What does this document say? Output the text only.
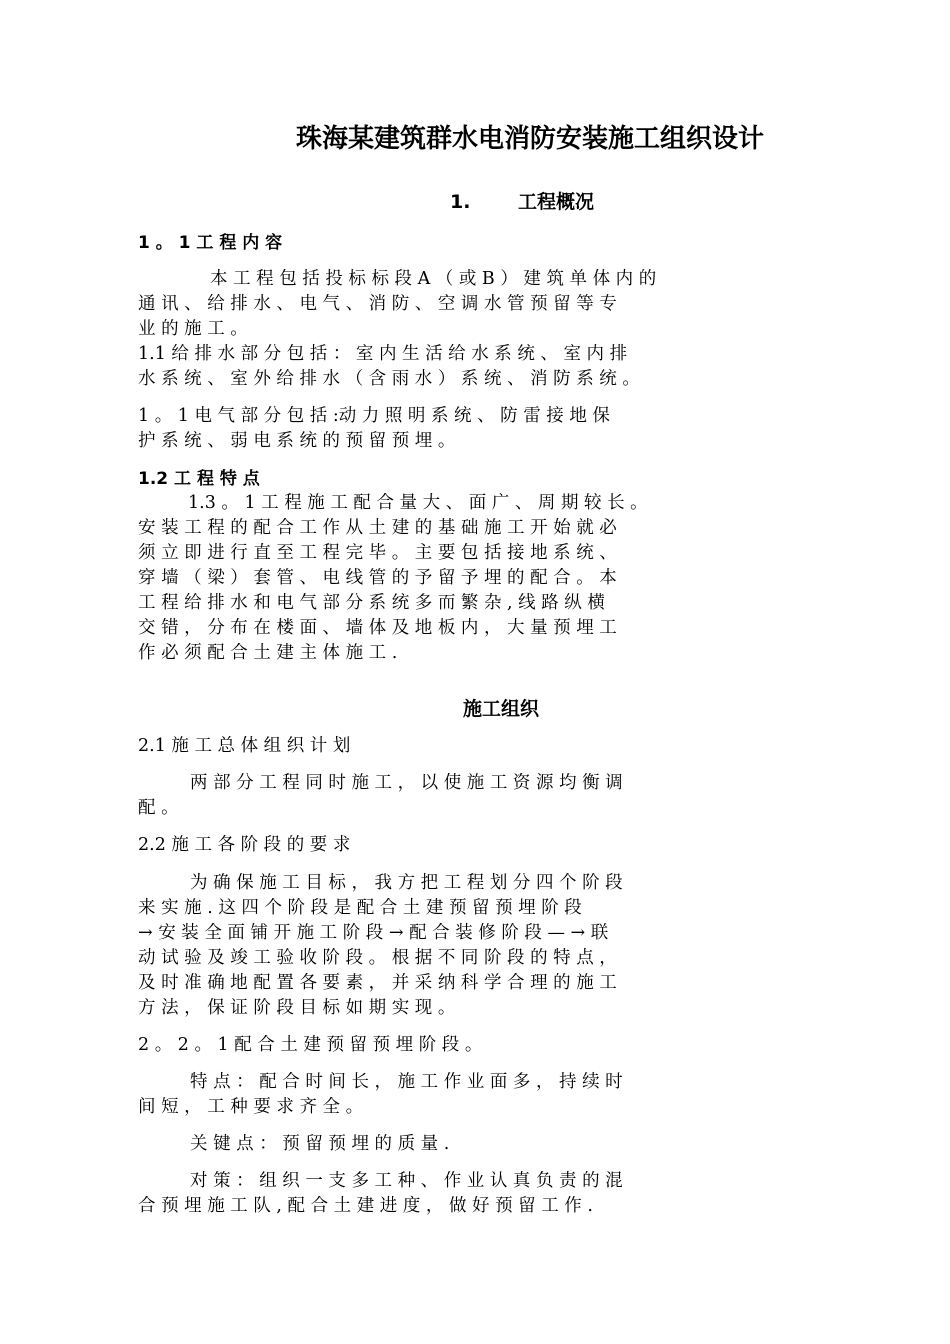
珠海某建筑群水电消防安装施工组织设计
1.	工程概况
1 。 1 工 程 内 容
本 工 程 包 括 投 标 标 段 A （ 或 B ） 建 筑 单 体 内 的
通 讯 、 给 排 水 、 电 气 、 消 防 、 空 调 水 管 预 留 等 专
业 的 施 工 。
1.1 给 排 水 部 分 包 括 ： 室 内 生 活 给 水 系 统 、 室 内 排
水 系 统 、 室 外 给 排 水 （ 含 雨 水 ） 系 统 、 消 防 系 统 。
1 。 1 电 气 部 分 包 括 :动 力 照 明 系 统 、 防 雷 接 地 保
护 系 统 、 弱 电 系 统 的 预 留 预 埋 。
1.2 工 程 特 点
1.3 。 1 工 程 施 工 配 合 量 大 、 面 广 、 周 期 较 长 。
安 装 工 程 的 配 合 工 作 从 土 建 的 基 础 施 工 开 始 就 必
须 立 即 进 行 直 至 工 程 完 毕 。 主 要 包 括 接 地 系 统 、
穿 墙 （ 梁 ） 套 管 、 电 线 管 的 予 留 予 埋 的 配 合 。 本
工 程 给 排 水 和 电 气 部 分 系 统 多 而 繁 杂 , 线 路 纵 横
交 错 ， 分 布 在 楼 面 、 墙 体 及 地 板 内 ， 大 量 预 埋 工
作 必 须 配 合 土 建 主 体 施 工 .
施工组织
2.1 施 工 总 体 组 织 计 划
两 部 分 工 程 同 时 施 工 ， 以 使 施 工 资 源 均 衡 调
配 。
2.2 施 工 各 阶 段 的 要 求
为 确 保 施 工 目 标 ， 我 方 把 工 程 划 分 四 个 阶 段
来 实 施 . 这 四 个 阶 段 是 配 合 土 建 预 留 预 埋 阶 段
→ 安 装 全 面 铺 开 施 工 阶 段 → 配 合 装 修 阶 段 — → 联
动 试 验 及 竣 工 验 收 阶 段 。 根 据 不 同 阶 段 的 特 点 ，
及 时 准 确 地 配 置 各 要 素 ， 并 采 纳 科 学 合 理 的 施 工
方 法 ， 保 证 阶 段 目 标 如 期 实 现 。
2 。 2 。 1 配 合 土 建 预 留 预 埋 阶 段 。
特 点 ： 配 合 时 间 长 ， 施 工 作 业 面 多 ， 持 续 时
间 短 ， 工 种 要 求 齐 全 。
关 键 点 ： 预 留 预 埋 的 质 量 .
对 策 ： 组 织 一 支 多 工 种 、 作 业 认 真 负 责 的 混
合 预 埋 施 工 队 , 配 合 土 建 进 度 ， 做 好 预 留 工 作 .
